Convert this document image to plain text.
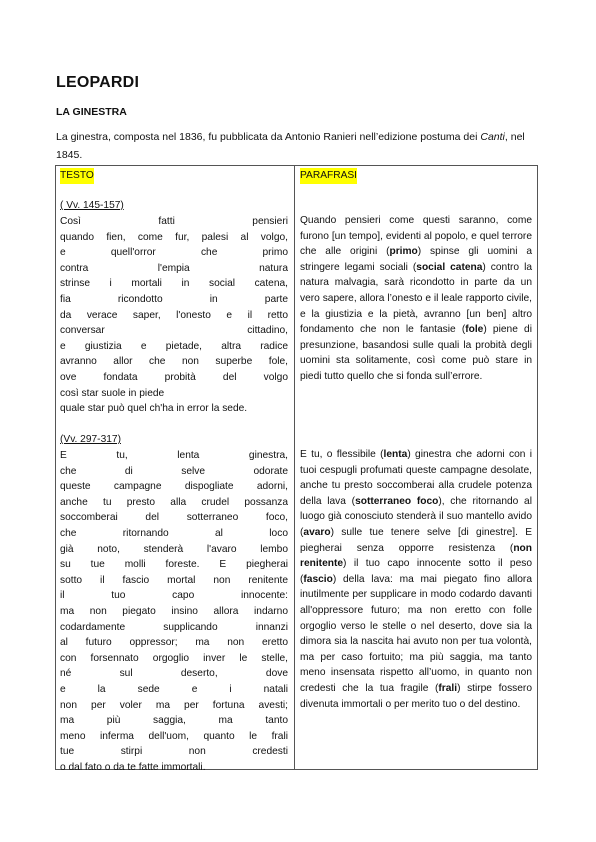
LEOPARDI
LA GINESTRA

La ginestra, composta nel 1836, fu pubblicata da Antonio Ranieri nell’edizione postuma dei Canti, nel 1845.

TESTO
( Vv. 145-157)
Così fatti pensieri
quando fien, come fur, palesi al volgo,
e quell'orror che primo
contra l'empia natura
strinse i mortali in social catena,
fia ricondotto in parte
da verace saper, l'onesto e il retto
conversar cittadino,
e giustizia e pietade, altra radice
avranno allor che non superbe fole,
ove fondata probità del volgo
così star suole in piede
quale star può quel ch'ha in error la sede.
(Vv. 297-317)
E tu, lenta ginestra,
che di selve odorate
queste campagne dispogliate adorni,
anche tu presto alla crudel possanza
soccomberai del sotterraneo foco,
che ritornando al loco
già noto, stenderà l'avaro lembo
su tue molli foreste. E piegherai
sotto il fascio mortal non renitente
il tuo capo innocente:
ma non piegato insino allora indarno
codardamente supplicando innanzi
al futuro oppressor; ma non eretto
con forsennato orgoglio inver le stelle,
né sul deserto, dove
e la sede e i natali
non per voler ma per fortuna avesti;
ma più saggia, ma tanto
meno inferma dell'uom, quanto le frali
tue stirpi non credesti
o dal fato o da te fatte immortali.
PARAFRASI

Quando pensieri come questi saranno, come furono [un tempo], evidenti al popolo, e quel terrore che alle origini (primo) spinse gli uomini a stringere legami sociali (social catena) contro la natura malvagia, sarà ricondotto in parte da un vero sapere, allora l’onesto e il leale rapporto civile, e la giustizia e la pietà, avranno [un ben] altro fondamento che non le fantasie (fole) piene di presunzione, basandosi sulle quali la probità degli uomini sta solitamente, così come può stare in piedi tutto quello che si fonda sull’errore.

E tu, o flessibile (lenta) ginestra che adorni con i tuoi cespugli profumati queste campagne desolate, anche tu presto soccomberai alla crudele potenza della lava (sotterraneo foco), che ritornando al luogo già conosciuto stenderà il suo mantello avido (avaro) sulle tue tenere selve [di ginestre]. E piegherai senza opporre resistenza (non renitente) il tuo capo innocente sotto il peso (fascio) della lava: ma mai piegato fino allora inutilmente per supplicare in modo codardo davanti all'oppressore futuro; ma non eretto con folle orgoglio verso le stelle o nel deserto, dove sia la dimora sia la nascita hai avuto non per tua volontà, ma per caso fortuito; ma più saggia, ma tanto meno insensata rispetto all’uomo, in quanto non credesti che la tua fragile (frali) stirpe fossero divenuta immortali o per merito tuo o del destino.
